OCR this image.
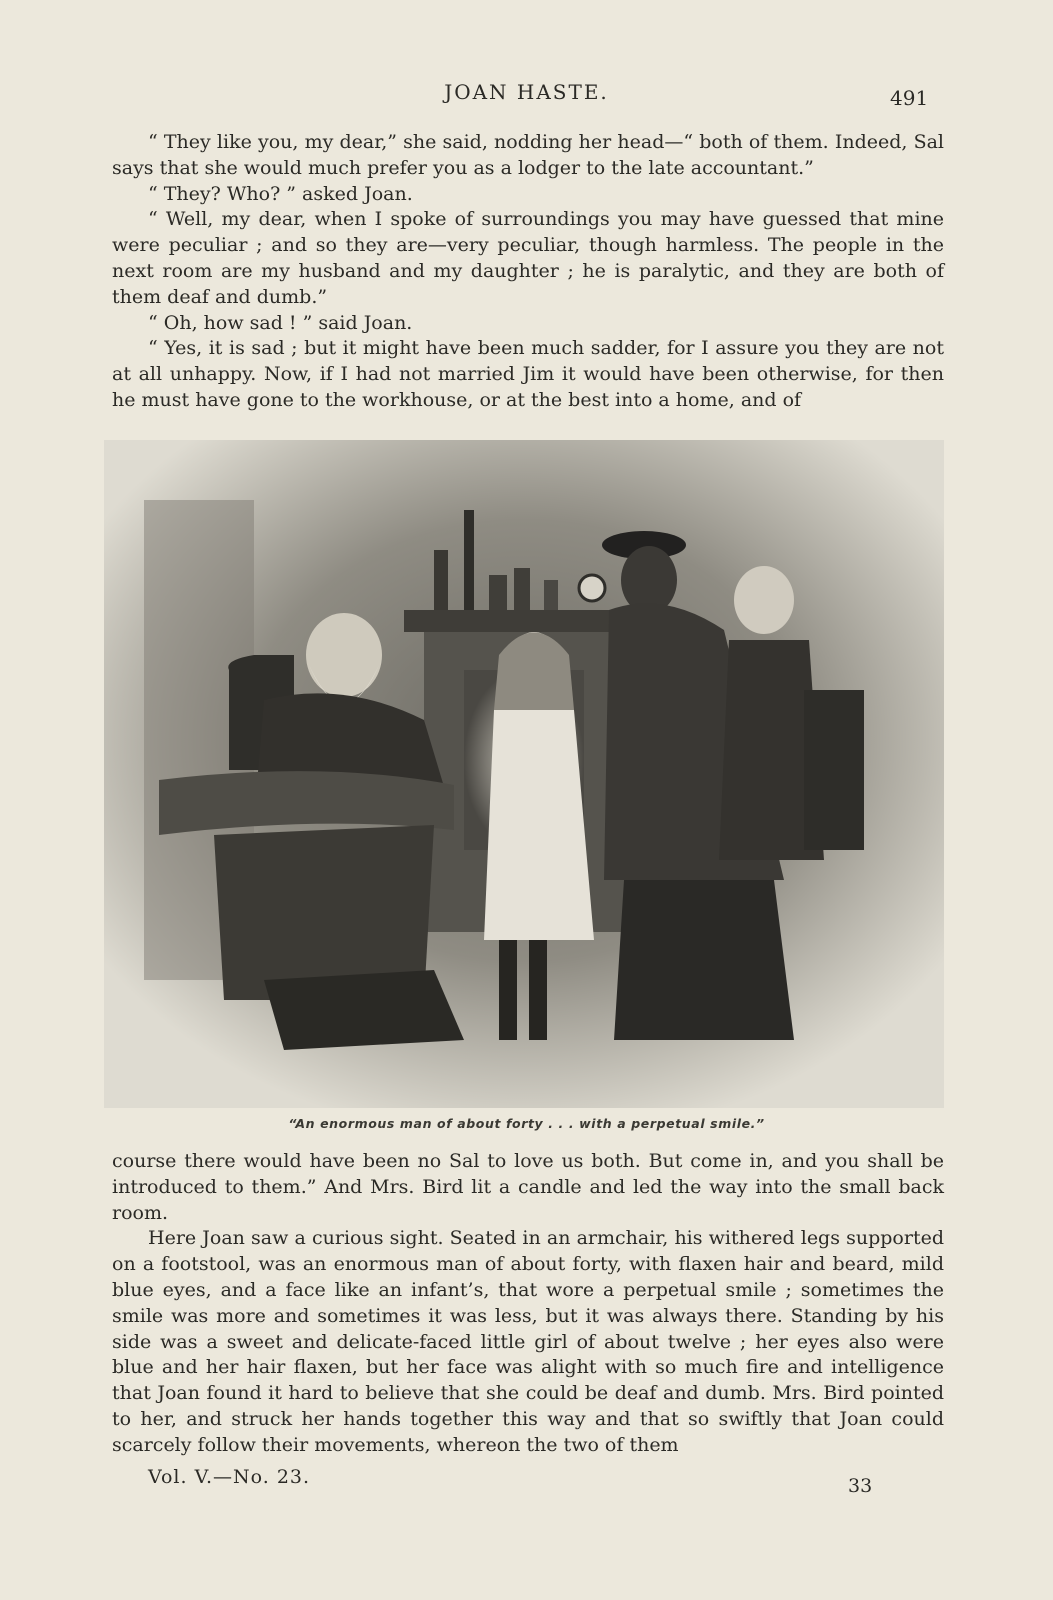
JOAN HASTE.	491

“ They like you, my dear,” she said, nodding her head—“ both of them. Indeed, Sal says that she would much prefer you as a lodger to the late accountant.”

“ They? Who? ” asked Joan.

“ Well, my dear, when I spoke of surroundings you may have guessed that mine were peculiar ; and so they are—very peculiar, though harmless. The people in the next room are my husband and my daughter ; he is paralytic, and they are both of them deaf and dumb.”

“ Oh, how sad ! ” said Joan.

“ Yes, it is sad ; but it might have been much sadder, for I assure you they are not at all unhappy. Now, if I had not married Jim it would have been otherwise, for then he must have gone to the workhouse, or at the best into a home, and of

“An enormous man of about forty . . . with a perpetual smile.”

course there would have been no Sal to love us both. But come in, and you shall be introduced to them.” And Mrs. Bird lit a candle and led the way into the small back room.

Here Joan saw a curious sight. Seated in an armchair, his withered legs supported on a footstool, was an enormous man of about forty, with flaxen hair and beard, mild blue eyes, and a face like an infant’s, that wore a perpetual smile ; sometimes the smile was more and sometimes it was less, but it was always there. Standing by his side was a sweet and delicate-faced little girl of about twelve ; her eyes also were blue and her hair flaxen, but her face was alight with so much fire and intelligence that Joan found it hard to believe that she could be deaf and dumb. Mrs. Bird pointed to her, and struck her hands together this way and that so swiftly that Joan could scarcely follow their movements, whereon the two of them

Vol. V.—No. 23.	33
